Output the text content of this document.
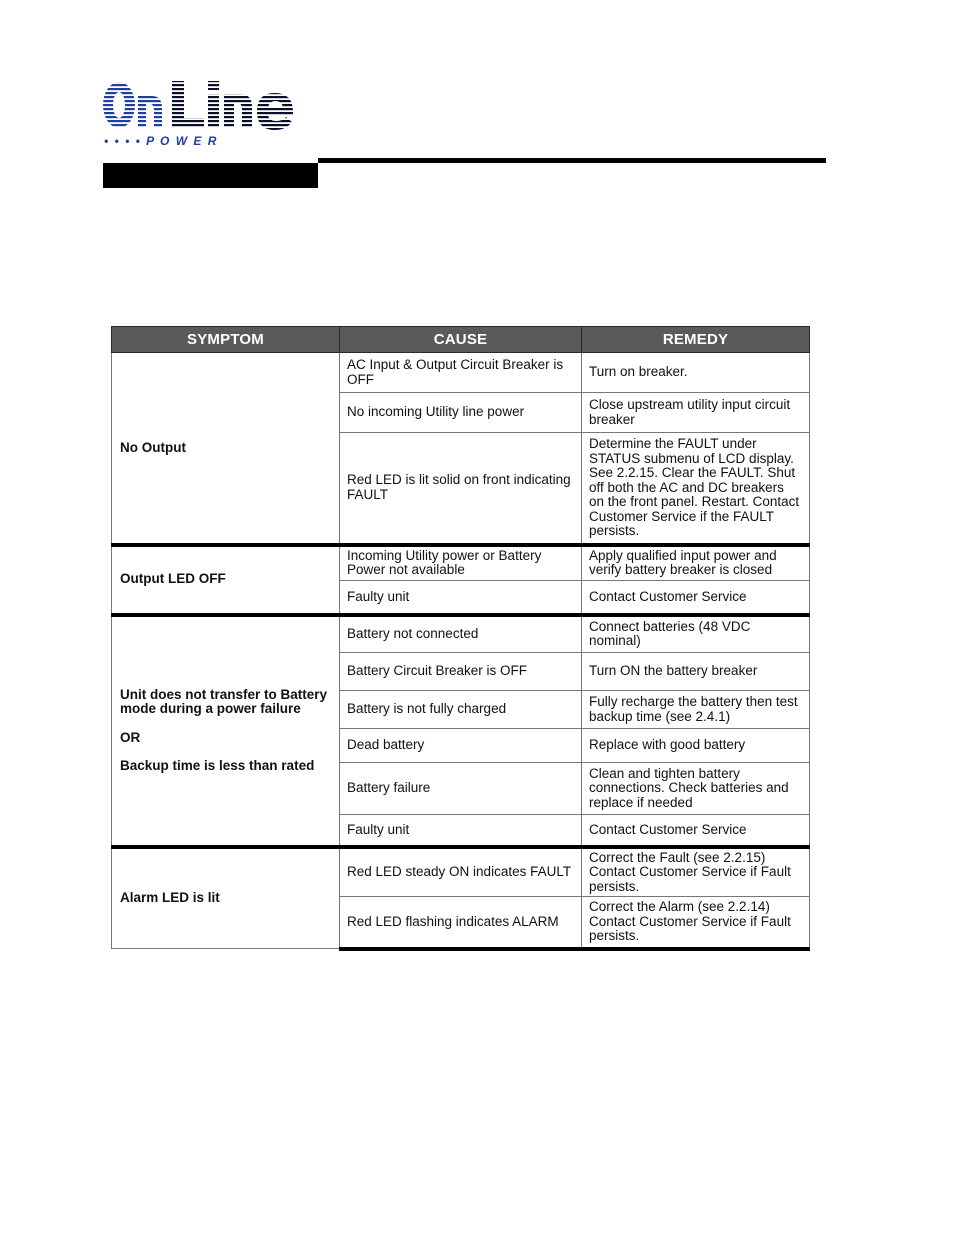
• • • • P O W E R
SYMPTOM	CAUSE	REMEDY
No Output	AC Input & Output Circuit Breaker is OFF	Turn on breaker.
	No incoming Utility line power	Close upstream utility input circuit breaker
	Red LED is lit solid on front indicating FAULT	Determine the FAULT under STATUS submenu of LCD display. See 2.2.15. Clear the FAULT. Shut off both the AC and DC breakers on the front panel. Restart. Contact Customer Service if the FAULT persists.
Output LED OFF	Incoming Utility power or Battery Power not available	Apply qualified input power and verify battery breaker is closed
	Faulty unit	Contact Customer Service
Unit does not transfer to Battery mode during a power failure
OR
Backup time is less than rated	Battery not connected	Connect batteries (48 VDC nominal)
	Battery Circuit Breaker is OFF	Turn ON the battery breaker
	Battery is not fully charged	Fully recharge the battery then test backup time (see 2.4.1)
	Dead battery	Replace with good battery
	Battery failure	Clean and tighten battery connections. Check batteries and replace if needed
	Faulty unit	Contact Customer Service
Alarm LED is lit	Red LED steady ON indicates FAULT	Correct the Fault (see 2.2.15) Contact Customer Service if Fault persists.
	Red LED flashing indicates ALARM	Correct the Alarm (see 2.2.14) Contact Customer Service if Fault persists.
